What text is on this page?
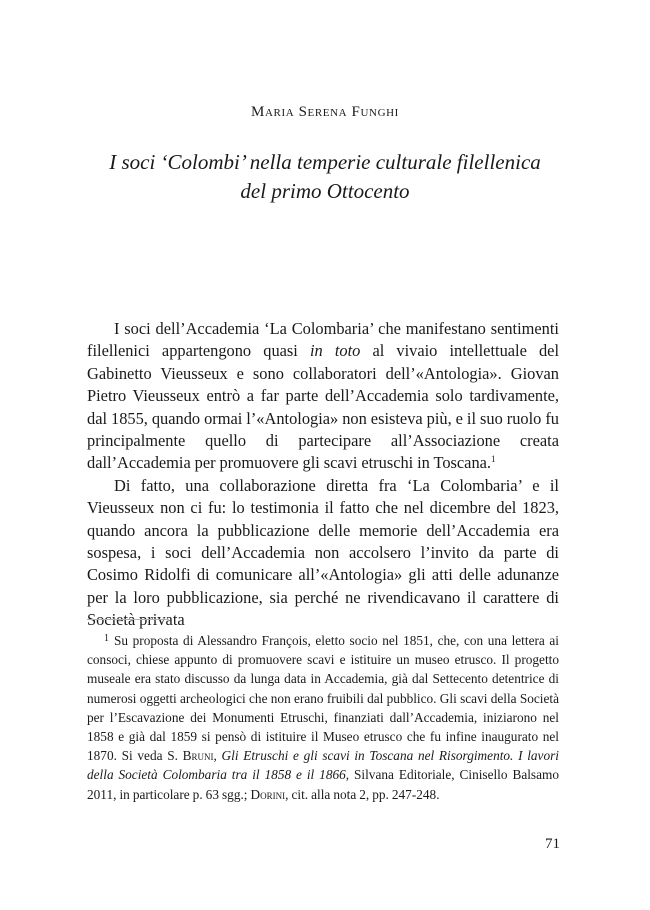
Maria Serena Funghi
I soci ‘Colombi’ nella temperie culturale filellenica
del primo Ottocento

I soci dell’Accademia ‘La Colombaria’ che manifestano sentimenti filellenici appartengono quasi in toto al vivaio intellettuale del Gabinetto Vieusseux e sono collaboratori dell’«Antologia». Giovan Pietro Vieusseux entrò a far parte dell’Accademia solo tardivamente, dal 1855, quando ormai l’«Antologia» non esisteva più, e il suo ruolo fu principalmente quello di partecipare all’Associazione creata dall’Accademia per promuovere gli scavi etruschi in Toscana.$^1$

Di fatto, una collaborazione diretta fra ‘La Colombaria’ e il Vieusseux non ci fu: lo testimonia il fatto che nel dicembre del 1823, quando ancora la pubblicazione delle memorie dell’Accademia era sospesa, i soci dell’Accademia non accolsero l’invito da parte di Cosimo Ridolfi di comunicare all’«Antologia» gli atti delle adunanze per la loro pubblicazione, sia perché ne rivendicavano il carattere di Società privata

$^1$ Su proposta di Alessandro François, eletto socio nel 1851, che, con una lettera ai consoci, chiese appunto di promuovere scavi e istituire un museo etrusco. Il progetto museale era stato discusso da lunga data in Accademia, già dal Settecento detentrice di numerosi oggetti archeologici che non erano fruibili dal pubblico. Gli scavi della Società per l’Escavazione dei Monumenti Etruschi, finanziati dall’Accademia, iniziarono nel 1858 e già dal 1859 si pensò di istituire il Museo etrusco che fu infine inaugurato nel 1870. Si veda S. Bruni, Gli Etruschi e gli scavi in Toscana nel Risorgimento. I lavori della Società Colombaria tra il 1858 e il 1866, Silvana Editoriale, Cinisello Balsamo 2011, in particolare p. 63 sgg.; Dorini, cit. alla nota 2, pp. 247-248.

71
